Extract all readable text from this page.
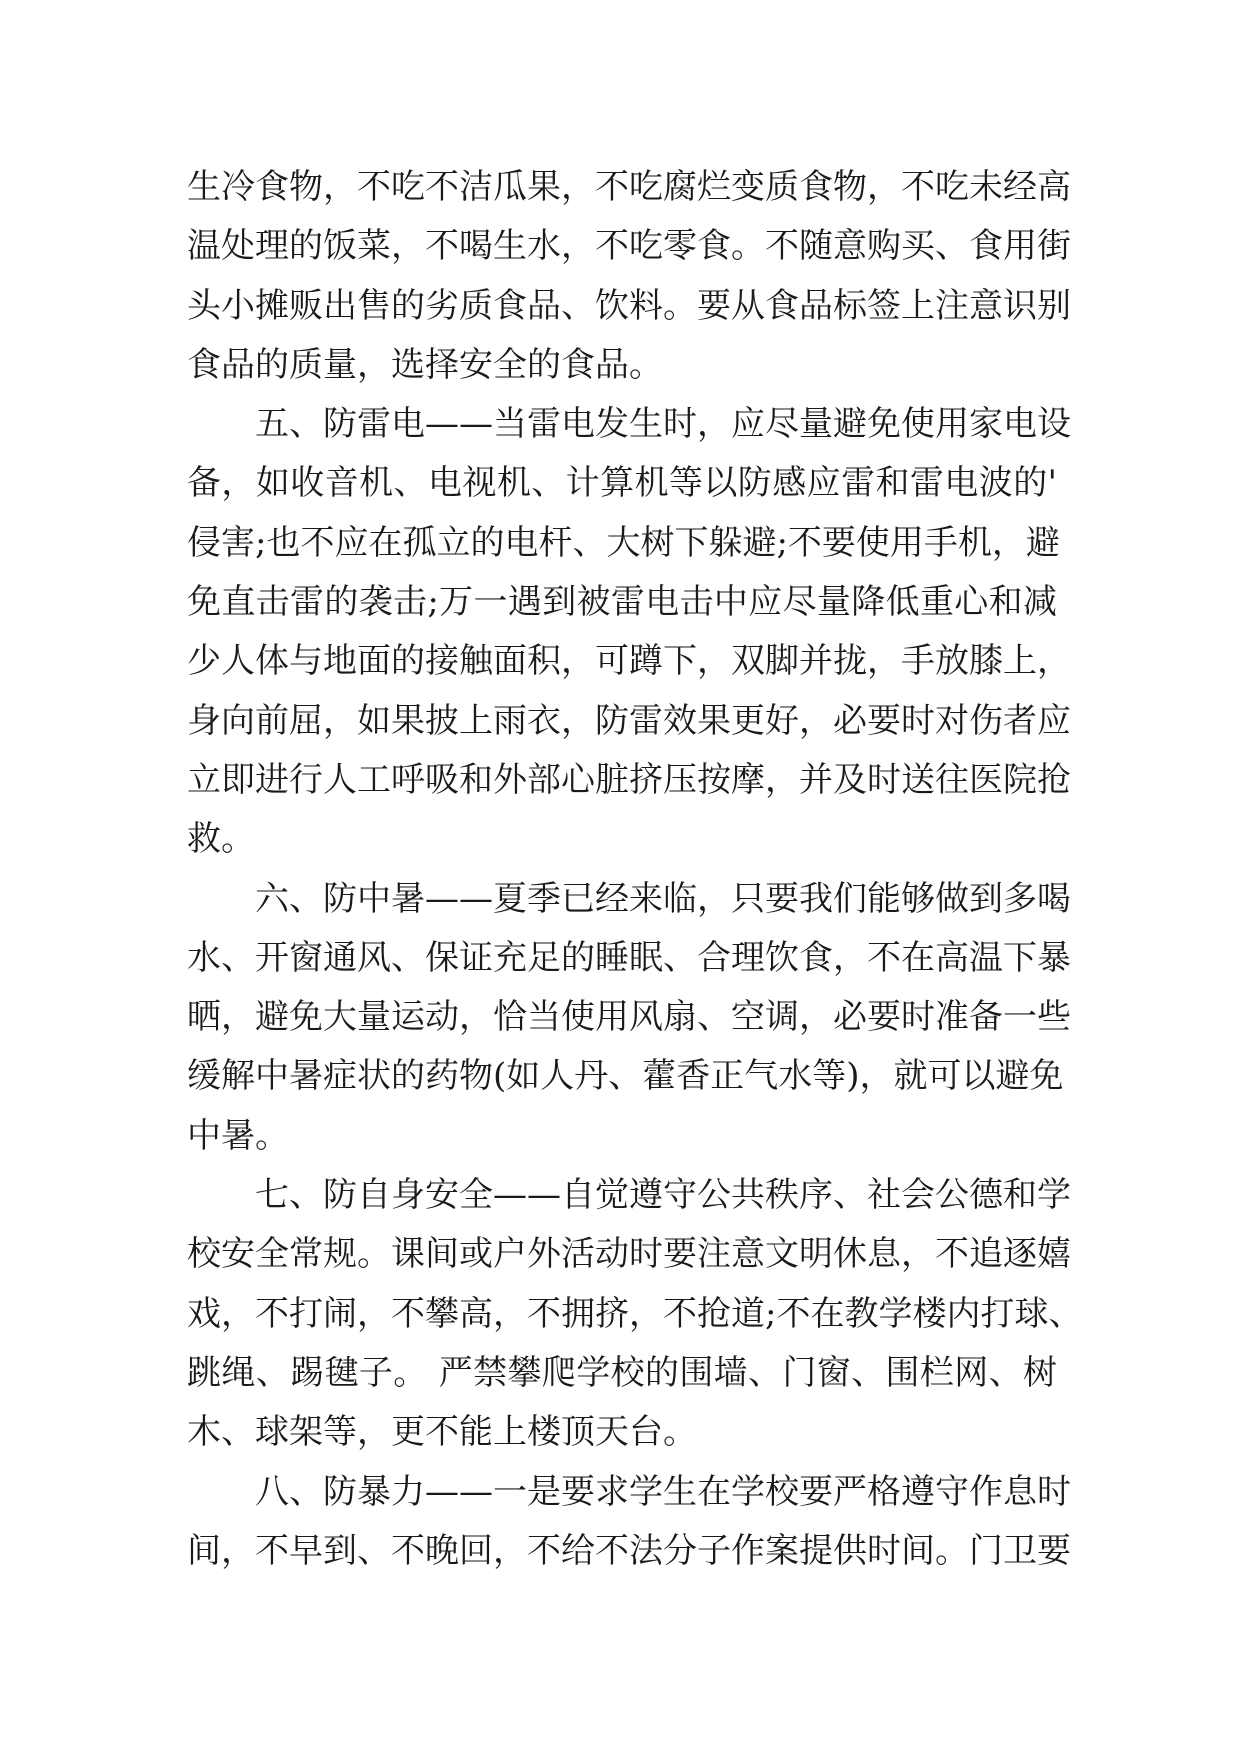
生冷食物，不吃不洁瓜果，不吃腐烂变质食物，不吃未经高
温处理的饭菜，不喝生水，不吃零食。不随意购买、食用街
头小摊贩出售的劣质食品、饮料。要从食品标签上注意识别
食品的质量，选择安全的食品。
五、防雷电——当雷电发生时，应尽量避免使用家电设
备，如收音机、电视机、计算机等以防感应雷和雷电波的'
侵害;也不应在孤立的电杆、大树下躲避;不要使用手机，避
免直击雷的袭击;万一遇到被雷电击中应尽量降低重心和减
少人体与地面的接触面积，可蹲下，双脚并拢，手放膝上，
身向前屈，如果披上雨衣，防雷效果更好，必要时对伤者应
立即进行人工呼吸和外部心脏挤压按摩，并及时送往医院抢
救。
六、防中暑——夏季已经来临，只要我们能够做到多喝
水、开窗通风、保证充足的睡眠、合理饮食，不在高温下暴
晒，避免大量运动，恰当使用风扇、空调，必要时准备一些
缓解中暑症状的药物(如人丹、藿香正气水等)，就可以避免
中暑。
七、防自身安全——自觉遵守公共秩序、社会公德和学
校安全常规。课间或户外活动时要注意文明休息，不追逐嬉
戏，不打闹，不攀高，不拥挤，不抢道;不在教学楼内打球、
跳绳、踢毽子。 严禁攀爬学校的围墙、门窗、围栏网、树
木、球架等，更不能上楼顶天台。
八、防暴力——一是要求学生在学校要严格遵守作息时
间，不早到、不晚回，不给不法分子作案提供时间。门卫要
